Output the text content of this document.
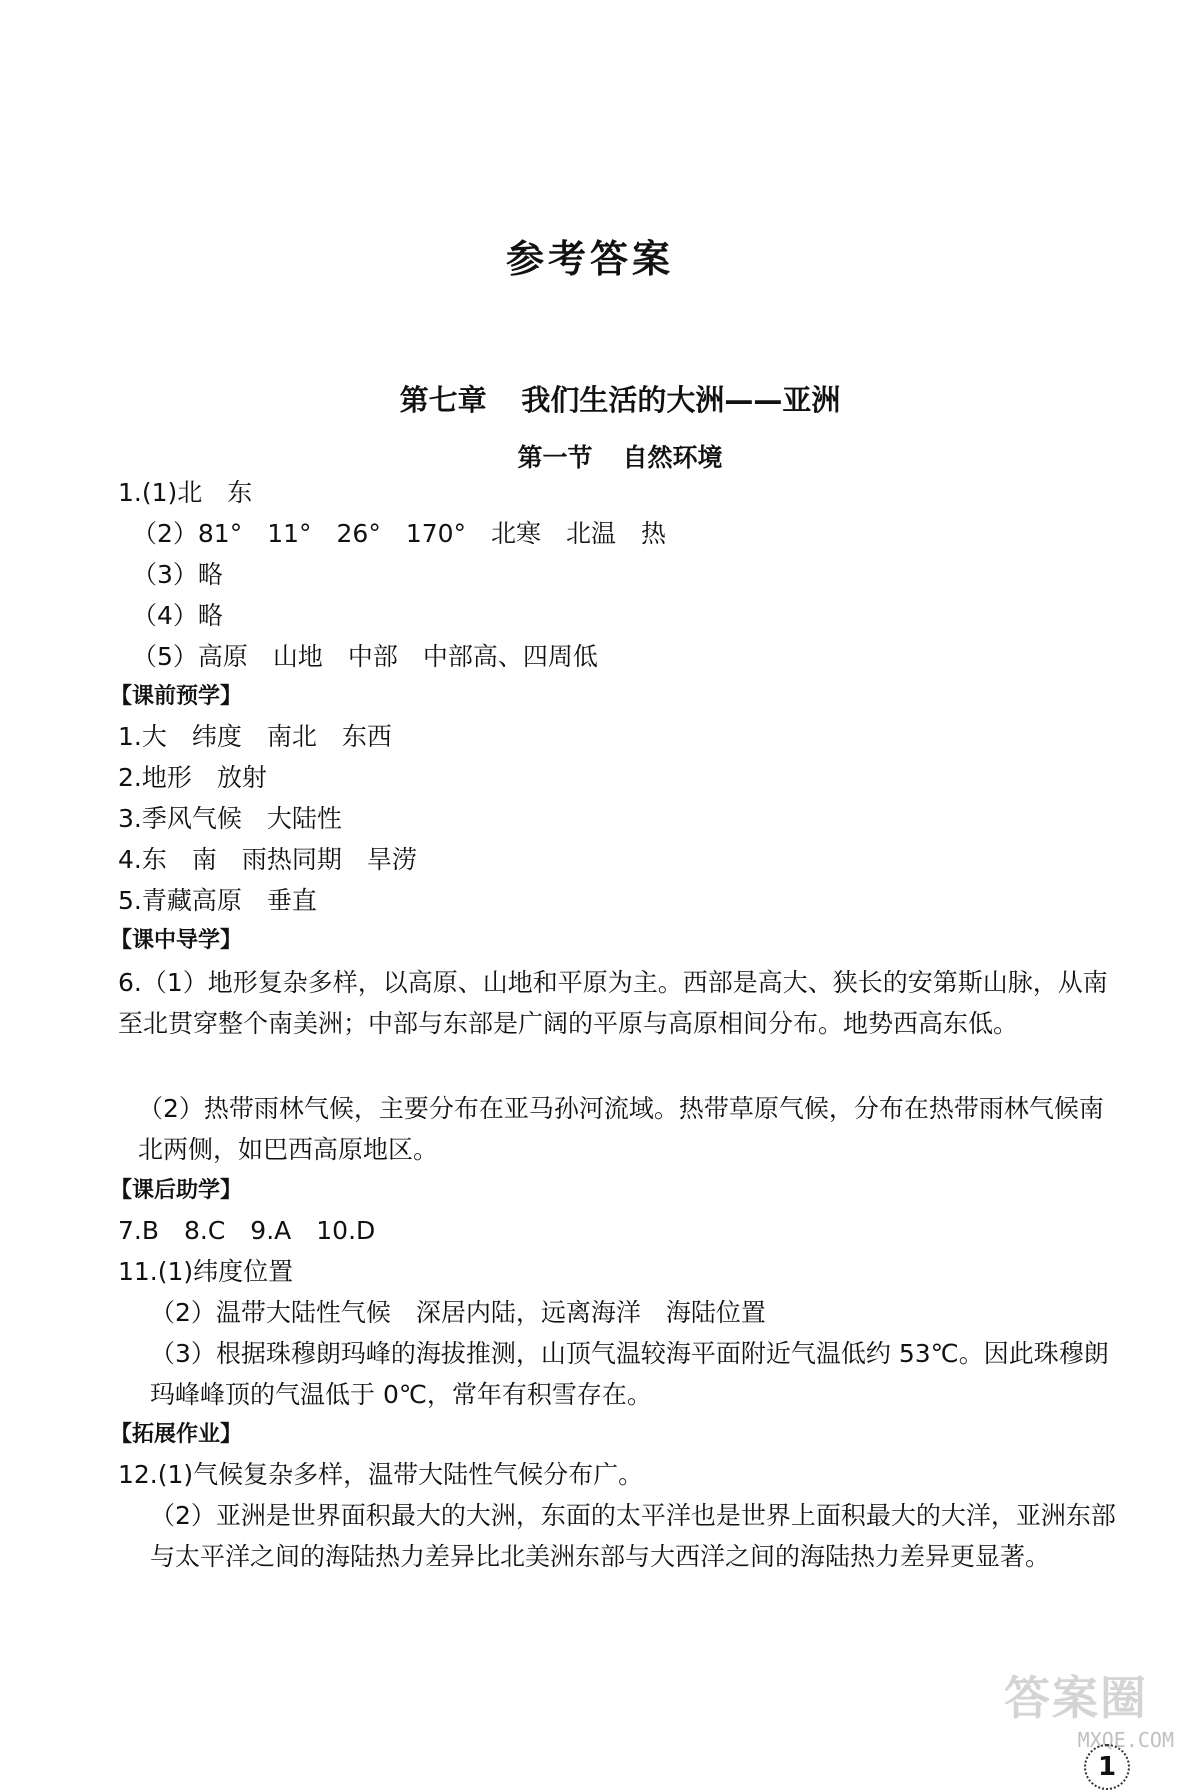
参考答案
第七章 我们生活的大洲——亚洲
第一节 自然环境
1.(1)北　东
（2）81°　11°　26°　170°　北寒　北温　热
（3）略
（4）略
（5）高原　山地　中部　中部高、四周低
【课前预学】
1.大　纬度　南北　东西
2.地形　放射
3.季风气候　大陆性
4.东　南　雨热同期　旱涝
5.青藏高原　垂直
【课中导学】
6.（1）地形复杂多样，以高原、山地和平原为主。西部是高大、狭长的安第斯山脉，从南至北贯穿整个南美洲；中部与东部是广阔的平原与高原相间分布。地势西高东低。
（2）热带雨林气候，主要分布在亚马孙河流域。热带草原气候，分布在热带雨林气候南北两侧，如巴西高原地区。
【课后助学】
7.B　8.C　9.A　10.D
11.(1)纬度位置
（2）温带大陆性气候　深居内陆，远离海洋　海陆位置
（3）根据珠穆朗玛峰的海拔推测，山顶气温较海平面附近气温低约 53℃。因此珠穆朗玛峰峰顶的气温低于 0℃，常年有积雪存在。
【拓展作业】
12.(1)气候复杂多样，温带大陆性气候分布广。
（2）亚洲是世界面积最大的大洲，东面的太平洋也是世界上面积最大的大洋，亚洲东部与太平洋之间的海陆热力差异比北美洲东部与大西洋之间的海陆热力差异更显著。
答案圈
MXQE.COM
1
